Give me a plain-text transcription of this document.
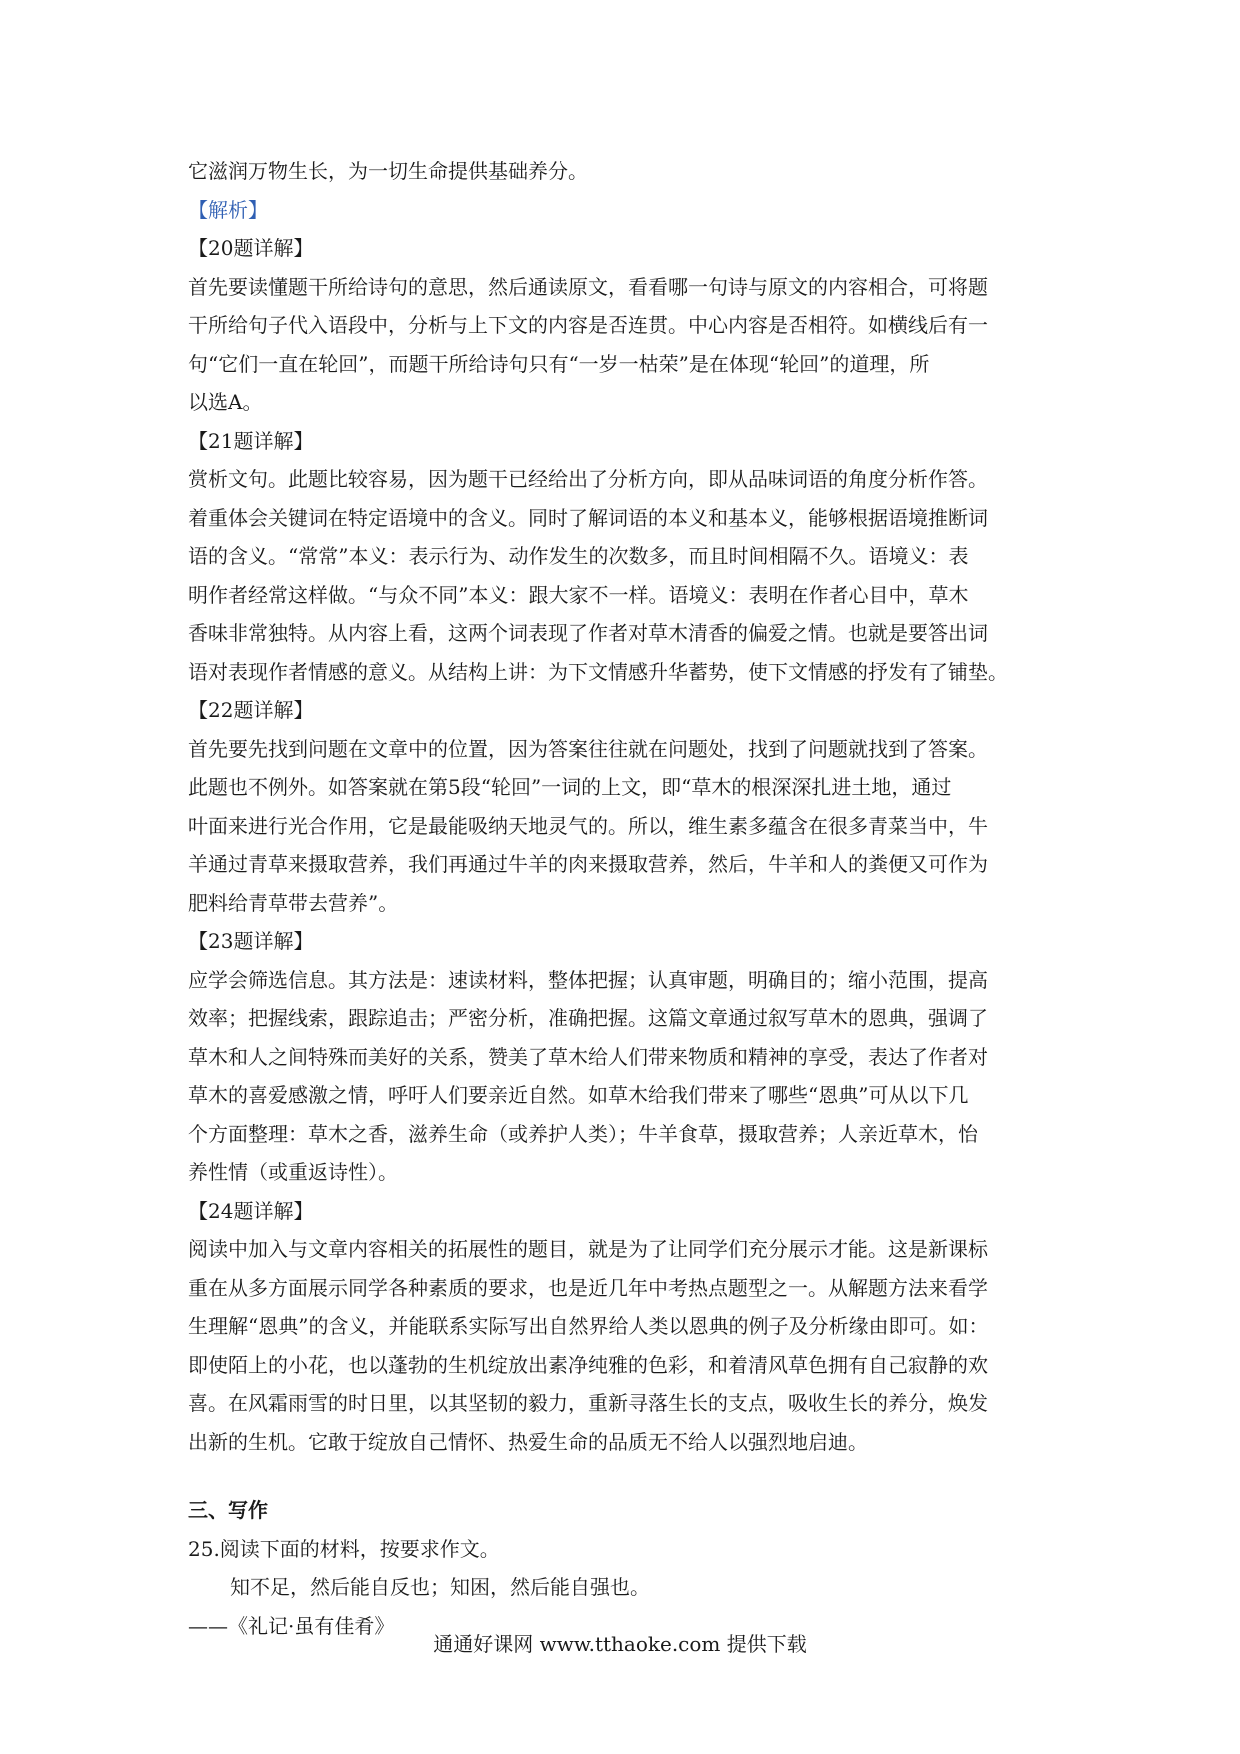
它滋润万物生长，为一切生命提供基础养分。

【解析】

【20题详解】

首先要读懂题干所给诗句的意思，然后通读原文，看看哪一句诗与原文的内容相合，可将题

干所给句子代入语段中，分析与上下文的内容是否连贯。中心内容是否相符。如横线后有一

句“它们一直在轮回”，而题干所给诗句只有“一岁一枯荣”是在体现“轮回”的道理，所

以选A。

【21题详解】

赏析文句。此题比较容易，因为题干已经给出了分析方向，即从品味词语的角度分析作答。

着重体会关键词在特定语境中的含义。同时了解词语的本义和基本义，能够根据语境推断词

语的含义。“常常”本义：表示行为、动作发生的次数多，而且时间相隔不久。语境义：表

明作者经常这样做。“与众不同”本义：跟大家不一样。语境义：表明在作者心目中，草木

香味非常独特。从内容上看，这两个词表现了作者对草木清香的偏爱之情。也就是要答出词

语对表现作者情感的意义。从结构上讲：为下文情感升华蓄势，使下文情感的抒发有了铺垫。

【22题详解】

首先要先找到问题在文章中的位置，因为答案往往就在问题处，找到了问题就找到了答案。

此题也不例外。如答案就在第5段“轮回”一词的上文，即“草木的根深深扎进土地，通过

叶面来进行光合作用，它是最能吸纳天地灵气的。所以，维生素多蕴含在很多青菜当中，牛

羊通过青草来摄取营养，我们再通过牛羊的肉来摄取营养，然后，牛羊和人的粪便又可作为

肥料给青草带去营养”。

【23题详解】

应学会筛选信息。其方法是：速读材料，整体把握；认真审题，明确目的；缩小范围，提高

效率；把握线索，跟踪追击；严密分析，准确把握。这篇文章通过叙写草木的恩典，强调了

草木和人之间特殊而美好的关系，赞美了草木给人们带来物质和精神的享受，表达了作者对

草木的喜爱感激之情，呼吁人们要亲近自然。如草木给我们带来了哪些“恩典”可从以下几

个方面整理：草木之香，滋养生命（或养护人类）；牛羊食草，摄取营养；人亲近草木，怡

养性情（或重返诗性）。

【24题详解】

阅读中加入与文章内容相关的拓展性的题目，就是为了让同学们充分展示才能。这是新课标

重在从多方面展示同学各种素质的要求，也是近几年中考热点题型之一。从解题方法来看学

生理解“恩典”的含义，并能联系实际写出自然界给人类以恩典的例子及分析缘由即可。如：

即使陌上的小花，也以蓬勃的生机绽放出素净纯雅的色彩，和着清风草色拥有自己寂静的欢

喜。在风霜雨雪的时日里，以其坚韧的毅力，重新寻落生长的支点，吸收生长的养分，焕发

出新的生机。它敢于绽放自己情怀、热爱生命的品质无不给人以强烈地启迪。

三、写作

25.阅读下面的材料，按要求作文。

知不足，然后能自反也；知困，然后能自强也。

——《礼记·虽有佳肴》

通通好课网 www.tthaoke.com 提供下载
